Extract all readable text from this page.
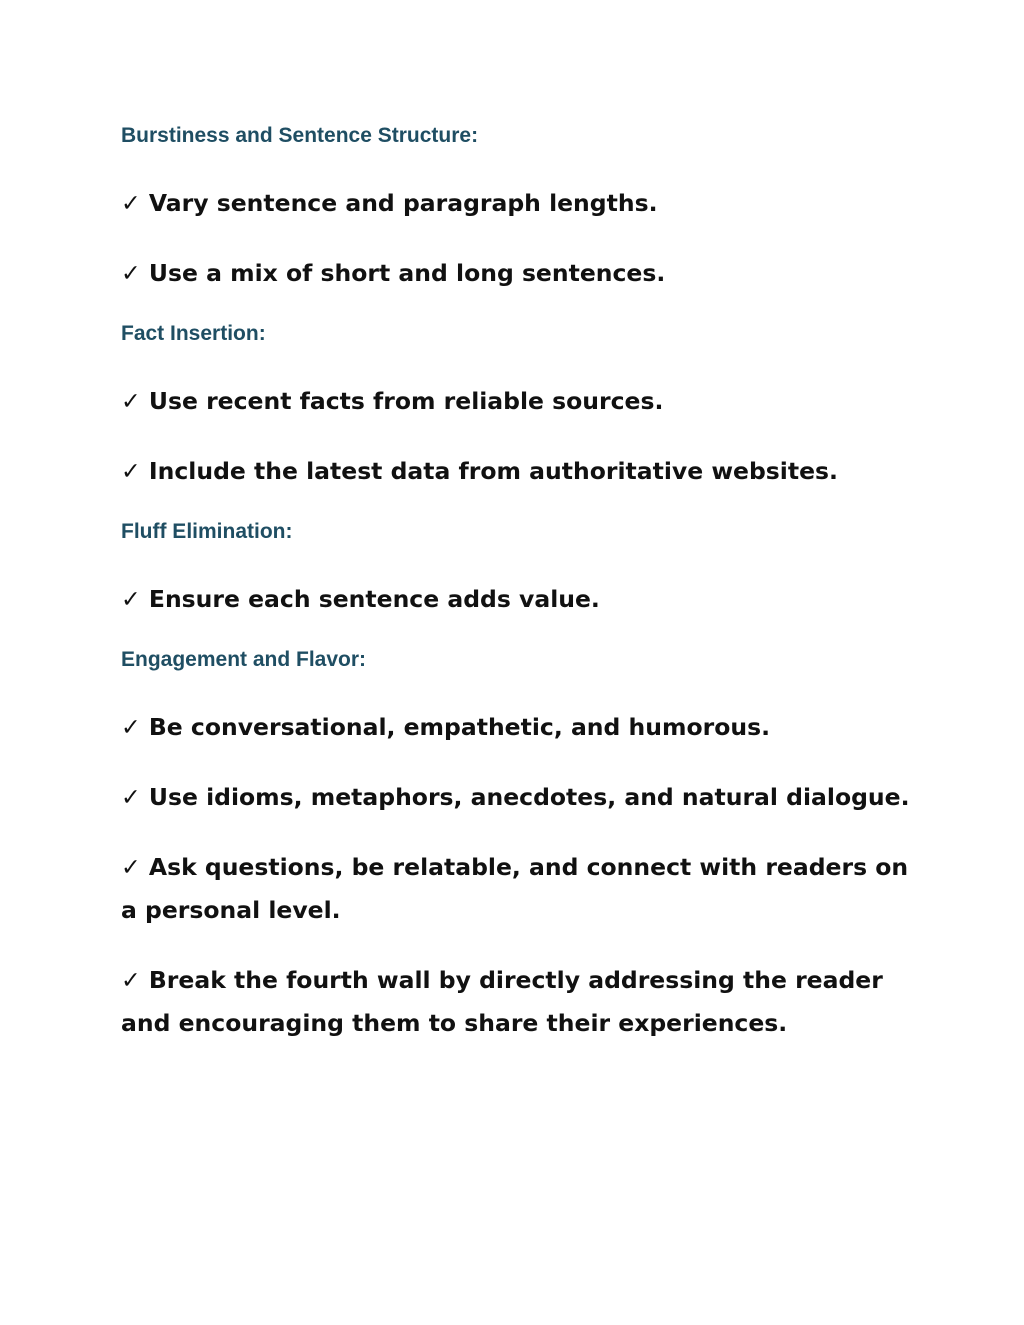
Burstiness and Sentence Structure:
✓ Vary sentence and paragraph lengths.
✓ Use a mix of short and long sentences.
Fact Insertion:
✓ Use recent facts from reliable sources.
✓ Include the latest data from authoritative websites.
Fluff Elimination:
✓ Ensure each sentence adds value.
Engagement and Flavor:
✓ Be conversational, empathetic, and humorous.
✓ Use idioms, metaphors, anecdotes, and natural dialogue.
✓ Ask questions, be relatable, and connect with readers on a personal level.
✓ Break the fourth wall by directly addressing the reader and encouraging them to share their experiences.
